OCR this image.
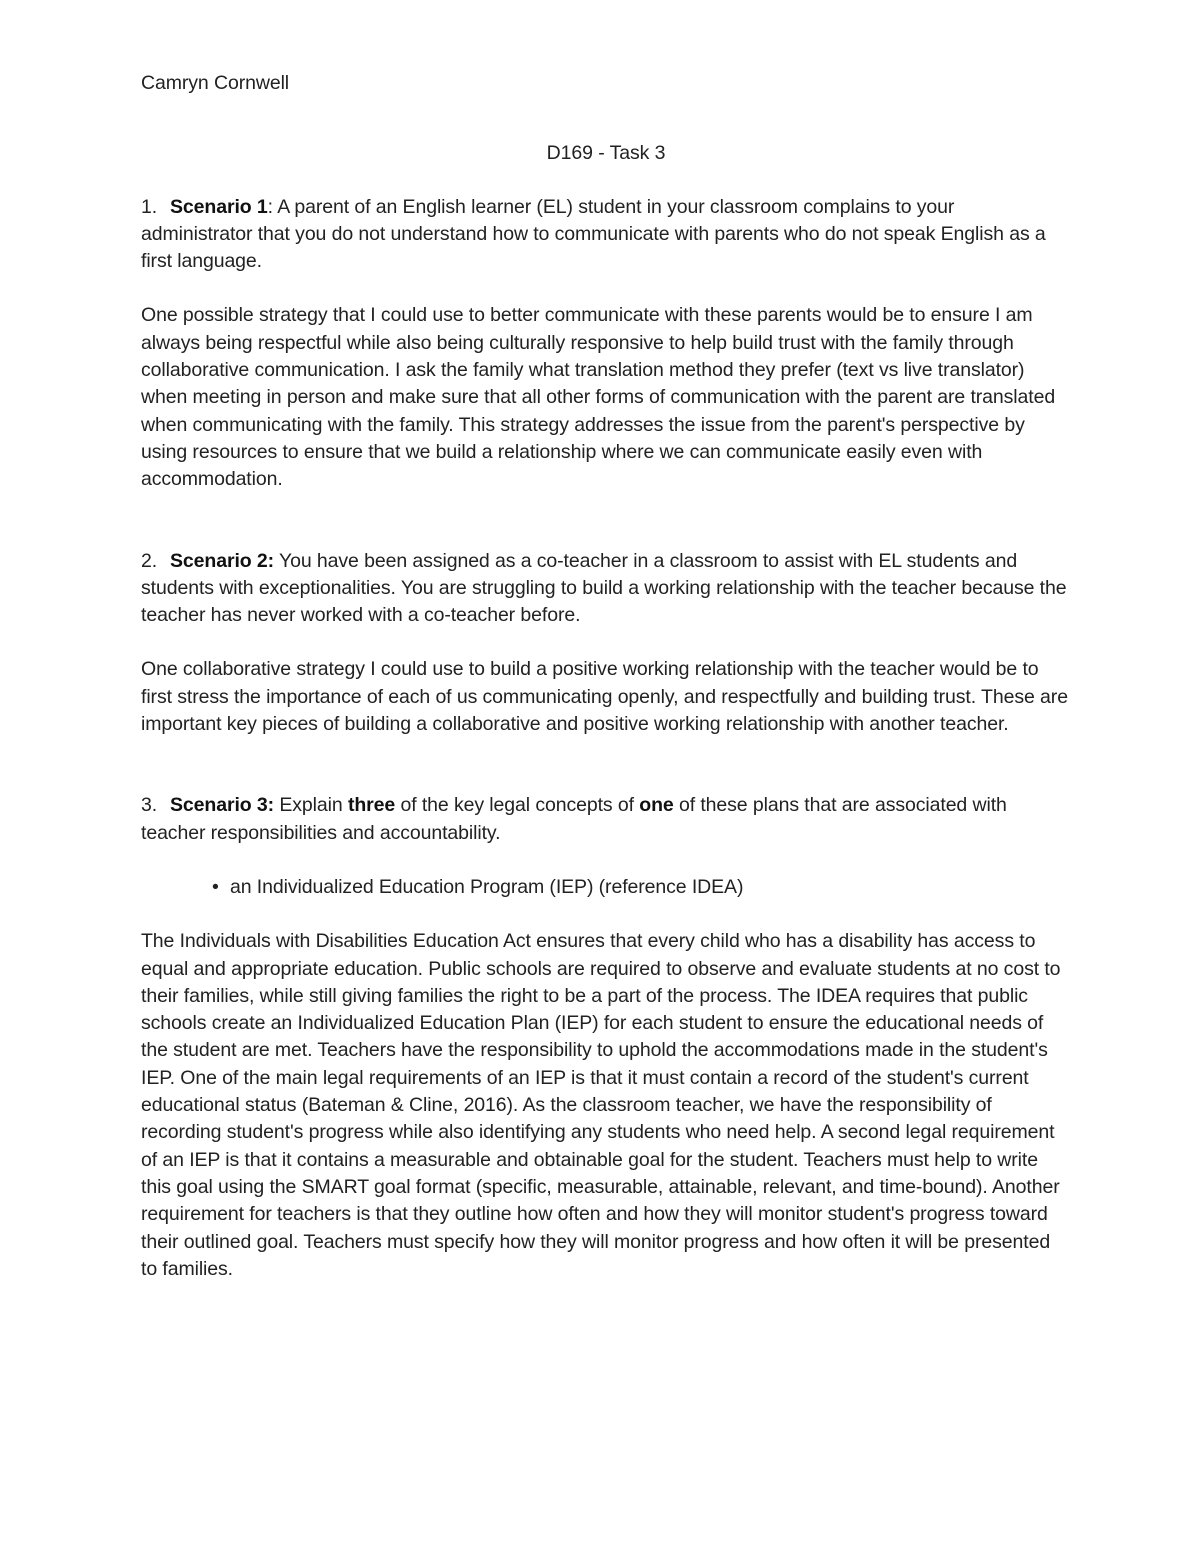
Camryn Cornwell

D169 - Task 3

1. Scenario 1: A parent of an English learner (EL) student in your classroom complains to your administrator that you do not understand how to communicate with parents who do not speak English as a first language.

One possible strategy that I could use to better communicate with these parents would be to ensure I am always being respectful while also being culturally responsive to help build trust with the family through collaborative communication. I ask the family what translation method they prefer (text vs live translator) when meeting in person and make sure that all other forms of communication with the parent are translated when communicating with the family. This strategy addresses the issue from the parent's perspective by using resources to ensure that we build a relationship where we can communicate easily even with accommodation.

2. Scenario 2: You have been assigned as a co-teacher in a classroom to assist with EL students and students with exceptionalities. You are struggling to build a working relationship with the teacher because the teacher has never worked with a co-teacher before.

One collaborative strategy I could use to build a positive working relationship with the teacher would be to first stress the importance of each of us communicating openly, and respectfully and building trust. These are important key pieces of building a collaborative and positive working relationship with another teacher.

3. Scenario 3: Explain three of the key legal concepts of one of these plans that are associated with teacher responsibilities and accountability.

• an Individualized Education Program (IEP) (reference IDEA)

The Individuals with Disabilities Education Act ensures that every child who has a disability has access to equal and appropriate education. Public schools are required to observe and evaluate students at no cost to their families, while still giving families the right to be a part of the process. The IDEA requires that public schools create an Individualized Education Plan (IEP) for each student to ensure the educational needs of the student are met. Teachers have the responsibility to uphold the accommodations made in the student's IEP. One of the main legal requirements of an IEP is that it must contain a record of the student's current educational status (Bateman & Cline, 2016). As the classroom teacher, we have the responsibility of recording student's progress while also identifying any students who need help. A second legal requirement of an IEP is that it contains a measurable and obtainable goal for the student. Teachers must help to write this goal using the SMART goal format (specific, measurable, attainable, relevant, and time-bound). Another requirement for teachers is that they outline how often and how they will monitor student's progress toward their outlined goal. Teachers must specify how they will monitor progress and how often it will be presented to families.
